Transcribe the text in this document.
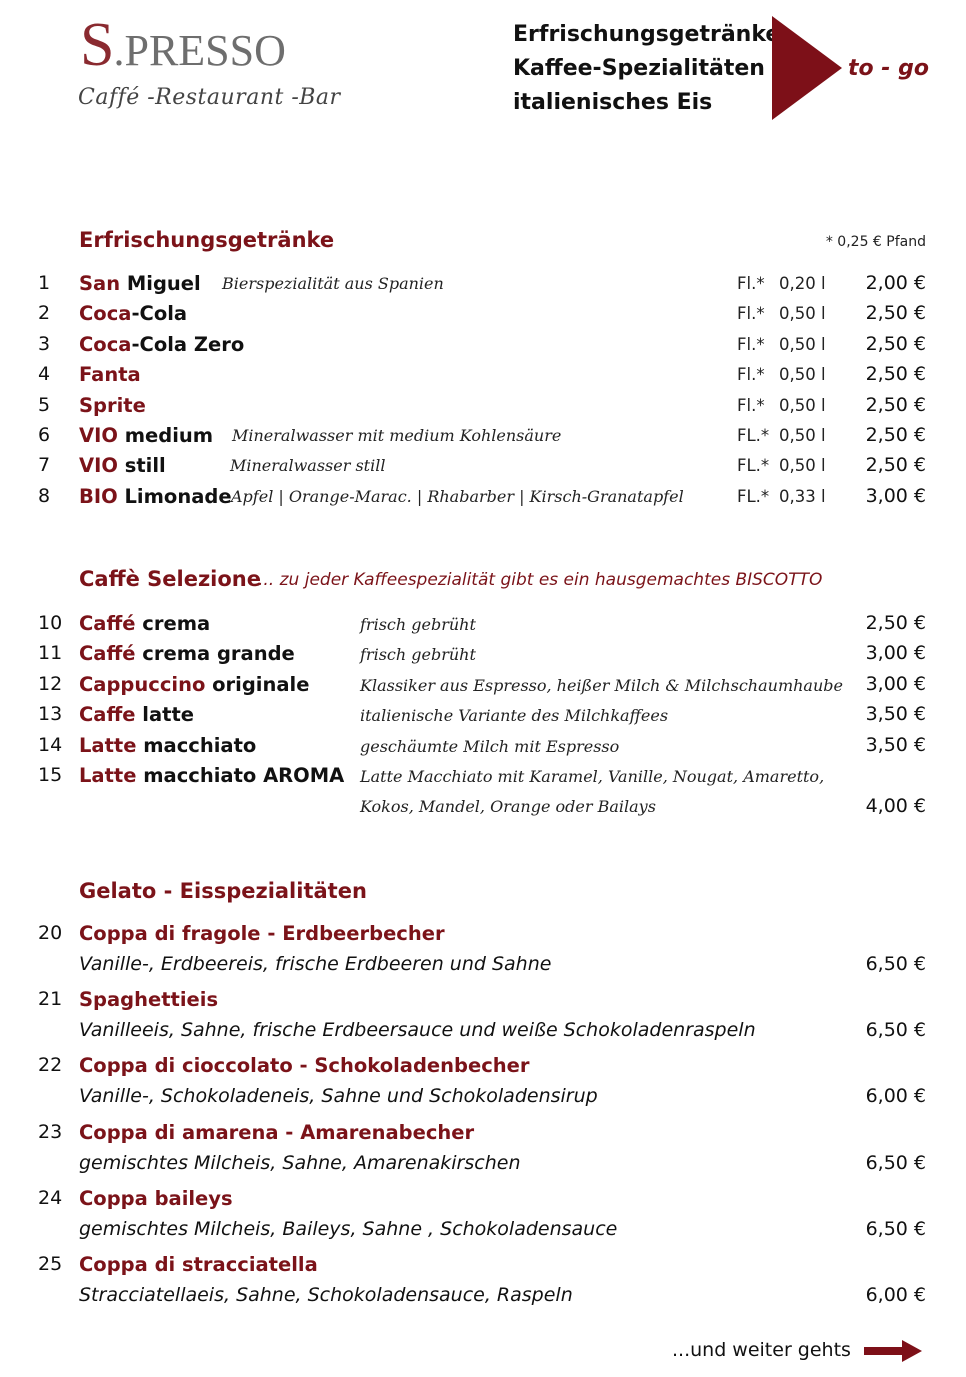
S.PRESSO
Caffé -Restaurant -Bar
Erfrischungsgetränke
Kaffee-Spezialitäten
italienisches Eis
to - go
Erfrischungsgetränke	* 0,25 € Pfand
1 San Miguel Bierspezialität aus Spanien	Fl.* 0,20 l 2,00 €
2 Coca-Cola	Fl.* 0,50 l 2,50 €
3 Coca-Cola Zero	Fl.* 0,50 l 2,50 €
4 Fanta	Fl.* 0,50 l 2,50 €
5 Sprite	Fl.* 0,50 l 2,50 €
6 VIO medium Mineralwasser mit medium Kohlensäure	FL.* 0,50 l 2,50 €
7 VIO still	Mineralwasser still	FL.* 0,50 l 2,50 €
8 BIO Limonade Apfel | Orange-Marac. | Rhabarber | Kirsch-Granatapfel	FL.* 0,33 l 3,00 €
Caffè Selezione
... zu jeder Kaffeespezialität gibt es ein hausgemachtes BISCOTTO
10 Caffé crema	frisch gebrüht	2,50 €
11 Caffé crema grande	frisch gebrüht	3,00 €
12 Cappuccino originale	Klassiker aus Espresso, heißer Milch & Milchschaumhaube 3,00 €
13 Caffe latte	italienische Variante des Milchkaffees	3,50 €
14 Latte macchiato	geschäumte Milch mit Espresso	3,50 €
15 Latte macchiato AROMA Latte Macchiato mit Karamel, Vanille, Nougat, Amaretto,
Kokos, Mandel, Orange oder Bailays	4,00 €
Gelato - Eisspezialitäten
20 Coppa di fragole - Erdbeerbecher
Vanille-, Erdbeereis, frische Erdbeeren und Sahne	6,50 €
21 Spaghettieis
Vanilleeis, Sahne, frische Erdbeersauce und weiße Schokoladenraspeln	6,50 €
22 Coppa di cioccolato - Schokoladenbecher
Vanille-, Schokoladeneis, Sahne und Schokoladensirup	6,00 €
23 Coppa di amarena - Amarenabecher
gemischtes Milcheis, Sahne, Amarenakirschen	6,50 €
24 Coppa baileys
gemischtes Milcheis, Baileys, Sahne , Schokoladensauce	6,50 €
25 Coppa di stracciatella
Stracciatellaeis, Sahne, Schokoladensauce, Raspeln	6,00 €
...und weiter gehts
